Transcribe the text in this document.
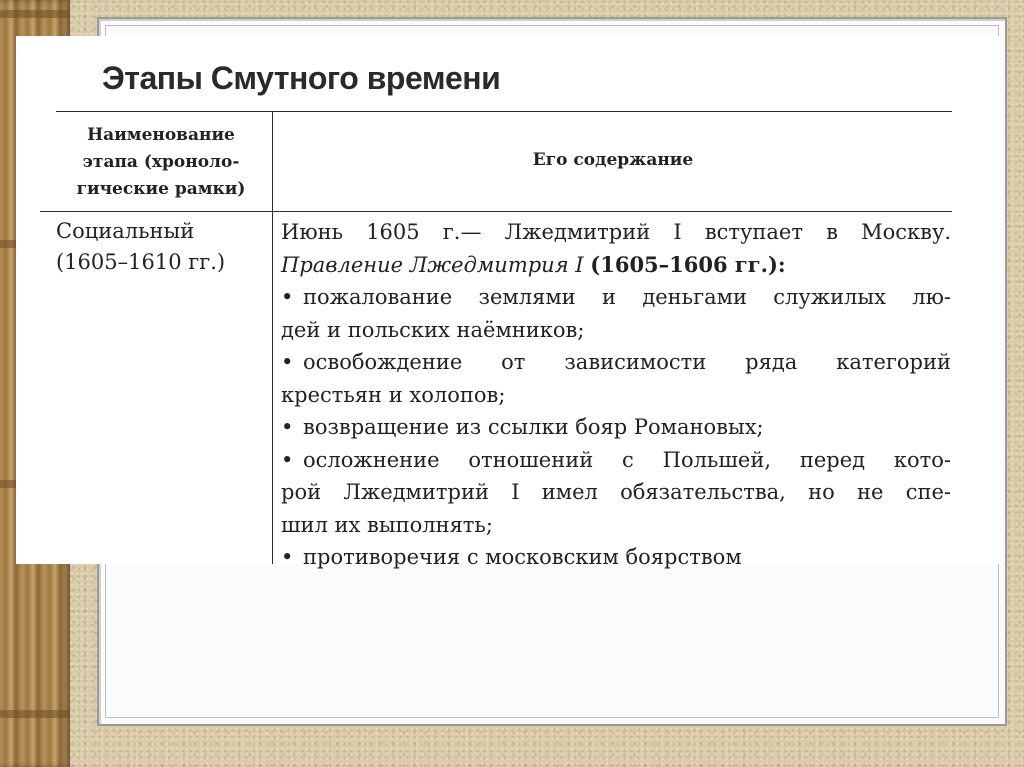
Этапы Смутного времени
Наименование
этапа (хроноло-
гические рамки)
Его содержание
Социальный
(1605–1610 гг.)
Июнь 1605 г.— Лжедмитрий I вступает в Москву.
Правление Лжедмитрия I (1605–1606 гг.):
• пожалование землями и деньгами служилых лю-
дей и польских наёмников;
• освобождение от зависимости ряда категорий
крестьян и холопов;
• возвращение из ссылки бояр Романовых;
• осложнение отношений с Польшей, перед кото-
рой Лжедмитрий I имел обязательства, но не спе-
шил их выполнять;
• противоречия с московским боярством
